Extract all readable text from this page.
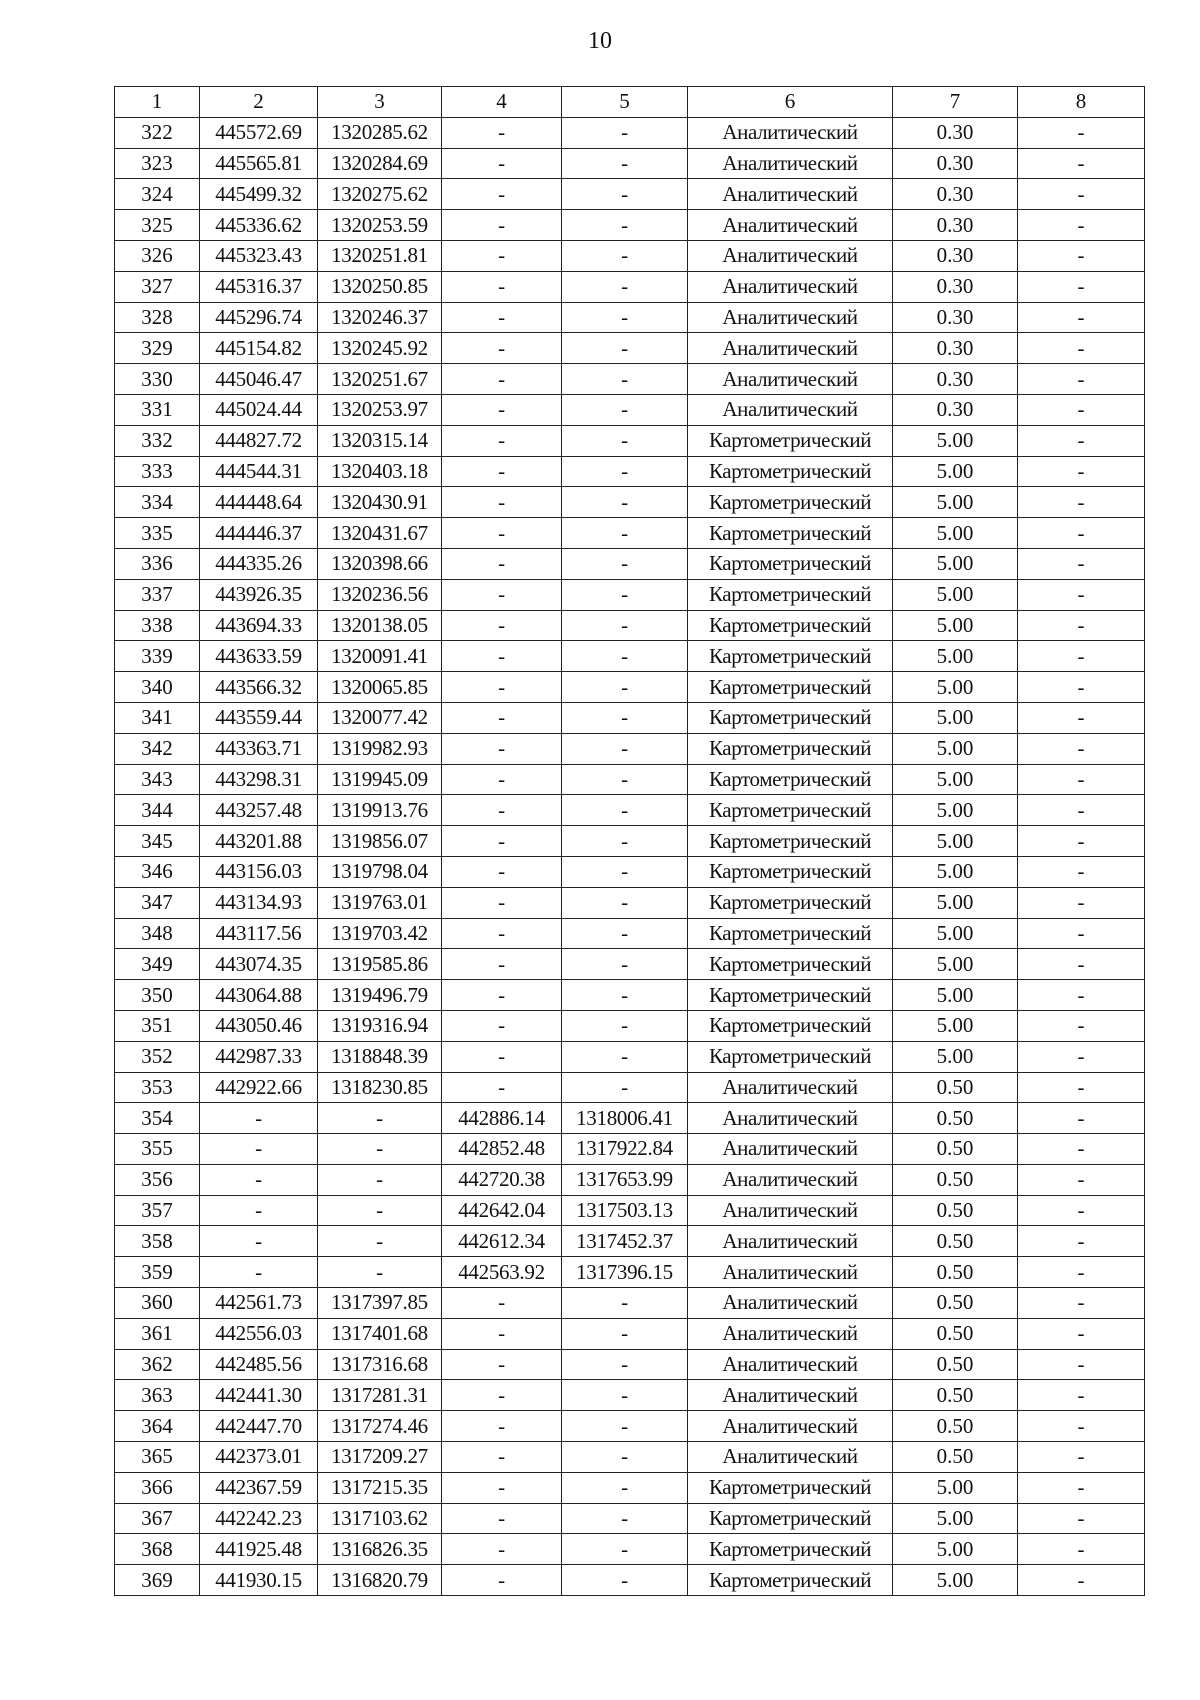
10
1	2	3	4	5	6	7	8
322	445572.69	1320285.62	-	-	Аналитический	0.30	-
323	445565.81	1320284.69	-	-	Аналитический	0.30	-
324	445499.32	1320275.62	-	-	Аналитический	0.30	-
325	445336.62	1320253.59	-	-	Аналитический	0.30	-
326	445323.43	1320251.81	-	-	Аналитический	0.30	-
327	445316.37	1320250.85	-	-	Аналитический	0.30	-
328	445296.74	1320246.37	-	-	Аналитический	0.30	-
329	445154.82	1320245.92	-	-	Аналитический	0.30	-
330	445046.47	1320251.67	-	-	Аналитический	0.30	-
331	445024.44	1320253.97	-	-	Аналитический	0.30	-
332	444827.72	1320315.14	-	-	Картометрический	5.00	-
333	444544.31	1320403.18	-	-	Картометрический	5.00	-
334	444448.64	1320430.91	-	-	Картометрический	5.00	-
335	444446.37	1320431.67	-	-	Картометрический	5.00	-
336	444335.26	1320398.66	-	-	Картометрический	5.00	-
337	443926.35	1320236.56	-	-	Картометрический	5.00	-
338	443694.33	1320138.05	-	-	Картометрический	5.00	-
339	443633.59	1320091.41	-	-	Картометрический	5.00	-
340	443566.32	1320065.85	-	-	Картометрический	5.00	-
341	443559.44	1320077.42	-	-	Картометрический	5.00	-
342	443363.71	1319982.93	-	-	Картометрический	5.00	-
343	443298.31	1319945.09	-	-	Картометрический	5.00	-
344	443257.48	1319913.76	-	-	Картометрический	5.00	-
345	443201.88	1319856.07	-	-	Картометрический	5.00	-
346	443156.03	1319798.04	-	-	Картометрический	5.00	-
347	443134.93	1319763.01	-	-	Картометрический	5.00	-
348	443117.56	1319703.42	-	-	Картометрический	5.00	-
349	443074.35	1319585.86	-	-	Картометрический	5.00	-
350	443064.88	1319496.79	-	-	Картометрический	5.00	-
351	443050.46	1319316.94	-	-	Картометрический	5.00	-
352	442987.33	1318848.39	-	-	Картометрический	5.00	-
353	442922.66	1318230.85	-	-	Аналитический	0.50	-
354	-	-	442886.14	1318006.41	Аналитический	0.50	-
355	-	-	442852.48	1317922.84	Аналитический	0.50	-
356	-	-	442720.38	1317653.99	Аналитический	0.50	-
357	-	-	442642.04	1317503.13	Аналитический	0.50	-
358	-	-	442612.34	1317452.37	Аналитический	0.50	-
359	-	-	442563.92	1317396.15	Аналитический	0.50	-
360	442561.73	1317397.85	-	-	Аналитический	0.50	-
361	442556.03	1317401.68	-	-	Аналитический	0.50	-
362	442485.56	1317316.68	-	-	Аналитический	0.50	-
363	442441.30	1317281.31	-	-	Аналитический	0.50	-
364	442447.70	1317274.46	-	-	Аналитический	0.50	-
365	442373.01	1317209.27	-	-	Аналитический	0.50	-
366	442367.59	1317215.35	-	-	Картометрический	5.00	-
367	442242.23	1317103.62	-	-	Картометрический	5.00	-
368	441925.48	1316826.35	-	-	Картометрический	5.00	-
369	441930.15	1316820.79	-	-	Картометрический	5.00	-
